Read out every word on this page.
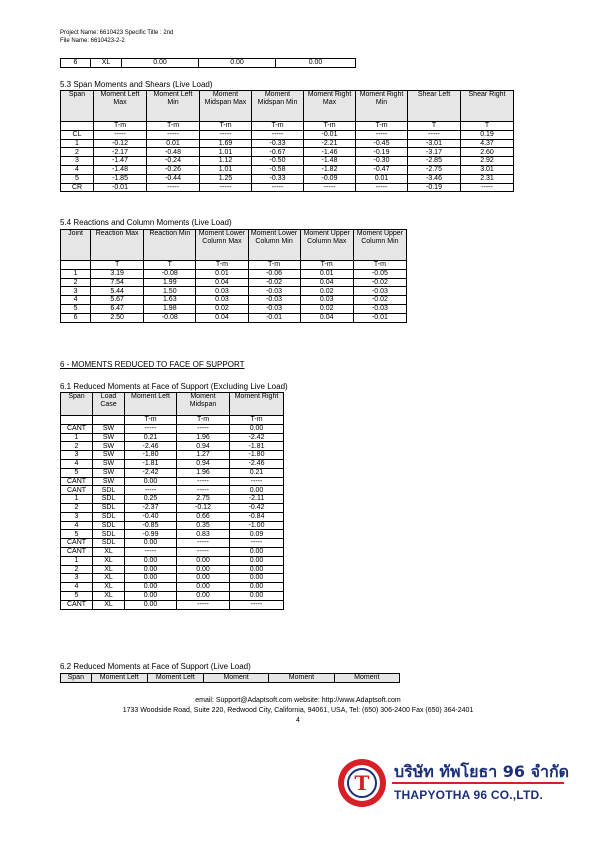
Project Name: 6610423 Specific Title : 2nd
File Name: 6610423-2-2
6	XL	0.00	0.00	0.00
5.3 Span Moments and Shears (Live Load)
Span	Moment Left Max	Moment Left Min	Moment Midspan Max	Moment Midspan Min	Moment Right Max	Moment Right Min	Shear Left	Shear Right
	T-m	T-m	T-m	T-m	T-m	T-m	T	T
CL	-----	-----	-----	-----	-0.01	-----	-----	0.19
1	-0.12	0.01	1.69	-0.33	-2.21	-0.45	-3.01	4.37
2	-2.17	-0.48	1.01	-0.67	-1.46	-0.19	-3.17	2.60
3	-1.47	-0.24	1.12	-0.50	-1.48	-0.30	-2.85	2.92
4	-1.48	-0.26	1.01	-0.58	-1.82	-0.47	-2.75	3.01
5	-1.85	-0.44	1.25	-0.33	-0.09	0.01	-3.46	2.31
CR	-0.01	-----	-----	-----	-----	-----	-0.19	-----
5.4 Reactions and Column Moments (Live Load)
Joint	Reaction Max	Reaction Min	Moment Lower Column Max	Moment Lower Column Min	Moment Upper Column Max	Moment Upper Column Min
	T	T	T-m	T-m	T-m	T-m
1	3.19	-0.08	0.01	-0.06	0.01	-0.05
2	7.54	1.99	0.04	-0.02	0.04	-0.02
3	5.44	1.50	0.03	-0.03	0.02	-0.03
4	5.67	1.63	0.03	-0.03	0.03	-0.02
5	6.47	1.98	0.02	-0.03	0.02	-0.03
6	2.50	-0.08	0.04	-0.01	0.04	-0.01
6 - MOMENTS REDUCED TO FACE OF SUPPORT
6.1 Reduced Moments at Face of Support (Excluding Live Load)
Span	Load Case	Moment Left	Moment Midspan	Moment Right
		T-m	T-m	T-m
CANT	SW	-----	-----	0.00
1	SW	0.21	1.96	-2.42
2	SW	-2.46	0.94	-1.81
3	SW	-1.80	1.27	-1.80
4	SW	-1.81	0.94	-2.46
5	SW	-2.42	1.96	0.21
CANT	SW	0.00	-----	-----
CANT	SDL	-----	-----	0.00
1	SDL	0.25	2.75	-2.11
2	SDL	-2.37	-0.12	-0.42
3	SDL	-0.40	0.66	-0.84
4	SDL	-0.85	0.35	-1.00
5	SDL	-0.99	0.83	0.09
CANT	SDL	0.00	-----	-----
CANT	XL	-----	-----	0.00
1	XL	0.00	0.00	0.00
2	XL	0.00	0.00	0.00
3	XL	0.00	0.00	0.00
4	XL	0.00	0.00	0.00
5	XL	0.00	0.00	0.00
CANT	XL	0.00	-----	-----
6.2 Reduced Moments at Face of Support (Live Load)
Span	Moment Left	Moment Left	Moment	Moment	Moment
email: Support@Adaptsoft.com website: http://www.Adaptsoft.com
1733 Woodside Road, Suite 220, Redwood City, California, 94061, USA, Tel: (650) 306-2400 Fax (650) 364-2401
4
T บริษัท ทัพโยธา 96 จำกัด
THAPYOTHA 96 CO.,LTD.
